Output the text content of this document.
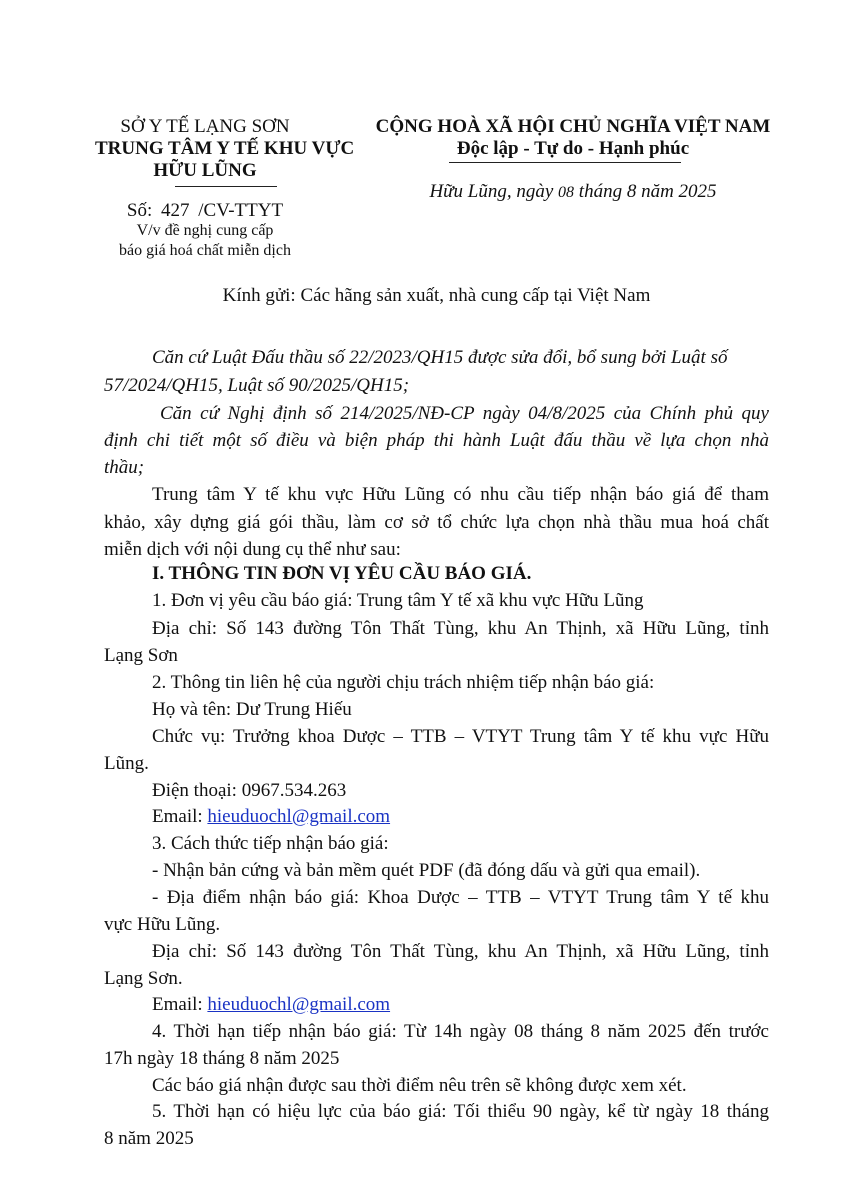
SỞ Y TẾ LẠNG SƠN
TRUNG TÂM Y TẾ KHU VỰC
HỮU LŨNG
Số: 427 /CV-TTYT
V/v đề nghị cung cấp
báo giá hoá chất miễn dịch
CỘNG HOÀ XÃ HỘI CHỦ NGHĨA VIỆT NAM
Độc lập - Tự do - Hạnh phúc
Hữu Lũng, ngày 08 tháng 8 năm 2025
Kính gửi: Các hãng sản xuất, nhà cung cấp tại Việt Nam
Căn cứ Luật Đấu thầu số 22/2023/QH15 được sửa đổi, bổ sung bởi Luật số
57/2024/QH15, Luật số 90/2025/QH15;
Căn cứ Nghị định số 214/2025/NĐ-CP ngày 04/8/2025 của Chính phủ quy
định chi tiết một số điều và biện pháp thi hành Luật đấu thầu về lựa chọn nhà
thầu;
Trung tâm Y tế khu vực Hữu Lũng có nhu cầu tiếp nhận báo giá để tham
khảo, xây dựng giá gói thầu, làm cơ sở tổ chức lựa chọn nhà thầu mua hoá chất
miễn dịch với nội dung cụ thể như sau:
I. THÔNG TIN ĐƠN VỊ YÊU CẦU BÁO GIÁ.
1. Đơn vị yêu cầu báo giá: Trung tâm Y tế xã khu vực Hữu Lũng
Địa chỉ: Số 143 đường Tôn Thất Tùng, khu An Thịnh, xã Hữu Lũng, tỉnh
Lạng Sơn
2. Thông tin liên hệ của người chịu trách nhiệm tiếp nhận báo giá:
Họ và tên: Dư Trung Hiếu
Chức vụ: Trưởng khoa Dược – TTB – VTYT Trung tâm Y tế khu vực Hữu
Lũng.
Điện thoại: 0967.534.263
Email: hieuduochl@gmail.com
3. Cách thức tiếp nhận báo giá:
- Nhận bản cứng và bản mềm quét PDF (đã đóng dấu và gửi qua email).
- Địa điểm nhận báo giá: Khoa Dược – TTB – VTYT Trung tâm Y tế khu
vực Hữu Lũng.
Địa chỉ: Số 143 đường Tôn Thất Tùng, khu An Thịnh, xã Hữu Lũng, tỉnh
Lạng Sơn.
Email: hieuduochl@gmail.com
4. Thời hạn tiếp nhận báo giá: Từ 14h ngày 08 tháng 8 năm 2025 đến trước
17h ngày 18 tháng 8 năm 2025
Các báo giá nhận được sau thời điểm nêu trên sẽ không được xem xét.
5. Thời hạn có hiệu lực của báo giá: Tối thiểu 90 ngày, kể từ ngày 18 tháng
8 năm 2025
